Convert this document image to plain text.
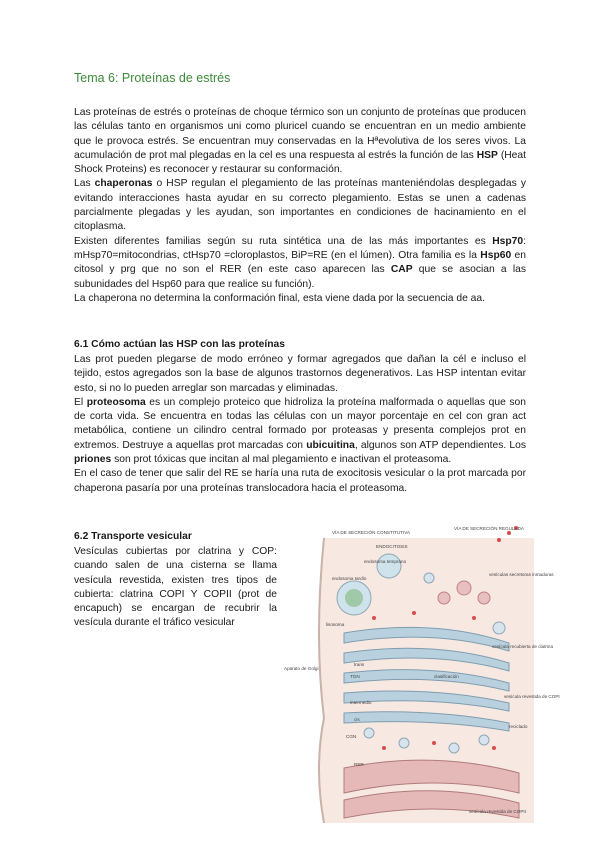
Tema 6: Proteínas de estrés

Las proteínas de estrés o proteínas de choque térmico son un conjunto de proteínas que producen las células tanto en organismos uni como pluricel cuando se encuentran en un medio ambiente que le provoca estrés. Se encuentran muy conservadas en la Hªevolutiva de los seres vivos. La acumulación de prot mal plegadas en la cel es una respuesta al estrés la función de las HSP (Heat Shock Proteins) es reconocer y restaurar su conformación.

Las chaperonas o HSP regulan el plegamiento de las proteínas manteniéndolas desplegadas y evitando interacciones hasta ayudar en su correcto plegamiento. Estas se unen a cadenas parcialmente plegadas y les ayudan, son importantes en condiciones de hacinamiento en el citoplasma.

Existen diferentes familias según su ruta sintética una de las más importantes es Hsp70: mHsp70=mitocondrias, ctHsp70 =cloroplastos, BiP=RE (en el lúmen). Otra familia es la Hsp60 en citosol y prg que no son el RER (en este caso aparecen las CAP que se asocian a las subunidades del Hsp60 para que realice su función).

La chaperona no determina la conformación final, esta viene dada por la secuencia de aa.

6.1 Cómo actúan las HSP con las proteínas

Las prot pueden plegarse de modo erróneo y formar agregados que dañan la cél e incluso el tejido, estos agregados son la base de algunos trastornos degenerativos. Las HSP intentan evitar esto, si no lo pueden arreglar son marcadas y eliminadas.

El proteosoma es un complejo proteico que hidroliza la proteína malformada o aquellas que son de corta vida. Se encuentra en todas las células con un mayor porcentaje en cel con gran act metabólica, contiene un cilindro central formado por proteasas y presenta complejos prot en extremos. Destruye a aquellas prot marcadas con ubicuitina, algunos son ATP dependientes. Los priones son prot tóxicas que incitan al mal plegamiento e inactivan el proteasoma.

En el caso de tener que salir del RE se haría una ruta de exocitosis vesicular o la prot marcada por chaperona pasaría por una proteínas translocadora hacia el proteasoma.

6.2 Transporte vesicular
Vesículas cubiertas por clatrina y COP: cuando salen de una cisterna se llama vesícula revestida, existen tres tipos de cubierta: clatrina COPI Y COPII (prot de encapuch) se encargan de recubrir la vesícula durante el tráfico vesicular
VÍA DE SECRECIÓN CONSTITUTIVA
ENDOCITOSIS
VÍA DE SECRECIÓN REGULADA
endosoma temprano
endosoma tardío
lisosoma
vesículas secretoras inmaduras
vesícula recubierta de clatrina
Aparato de Golgi
TGN
trans
intermedio
cis
CGN
clasificación
vesícula revestida de COPI
reciclado
RER
vesícula revestida de COPII
